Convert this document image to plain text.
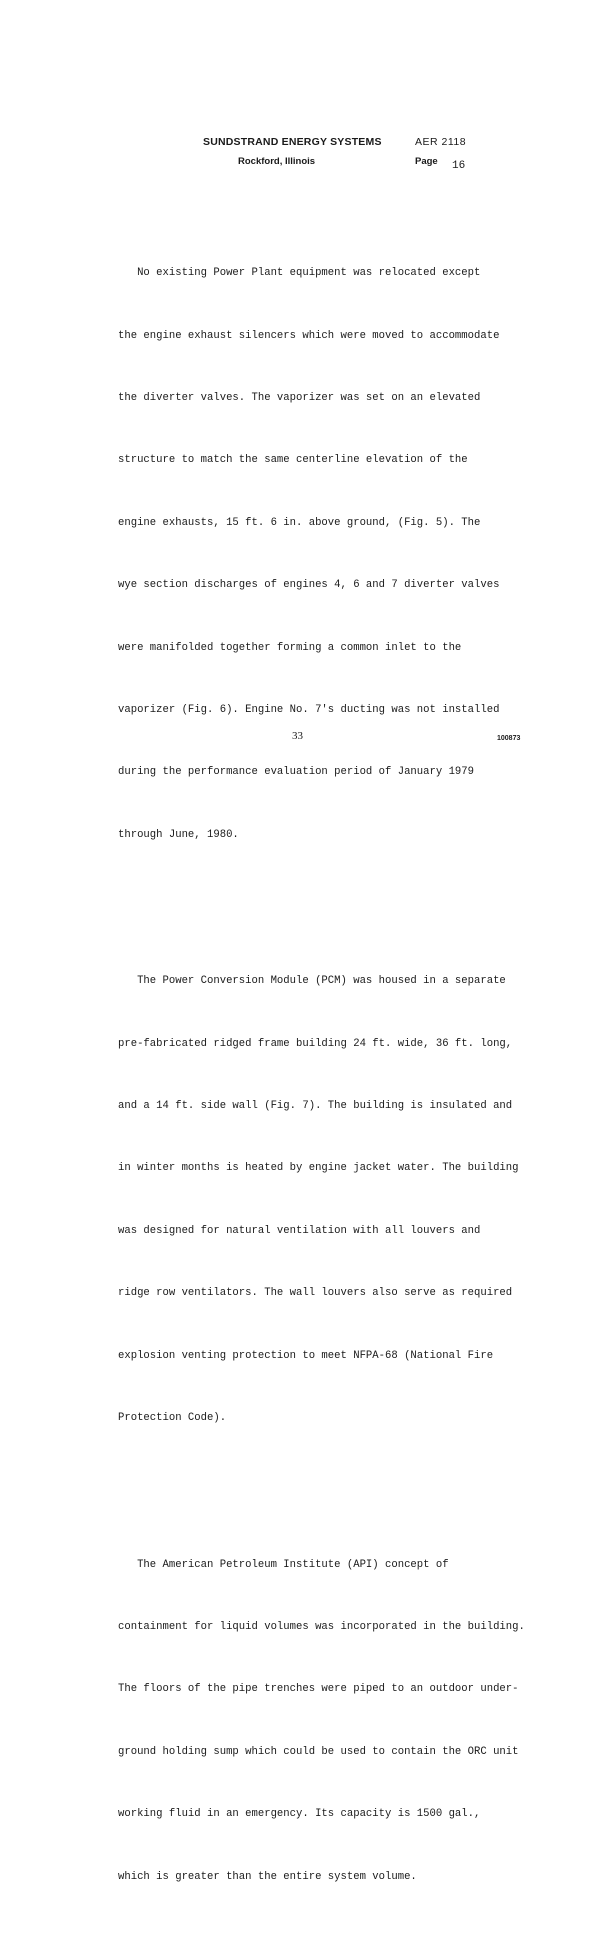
SUNDSTRAND ENERGY SYSTEMS
Rockford, Illinois
AER 2118
Page 16

No existing Power Plant equipment was relocated except

the engine exhaust silencers which were moved to accommodate

the diverter valves. The vaporizer was set on an elevated

structure to match the same centerline elevation of the

engine exhausts, 15 ft. 6 in. above ground, (Fig. 5). The

wye section discharges of engines 4, 6 and 7 diverter valves

were manifolded together forming a common inlet to the

vaporizer (Fig. 6). Engine No. 7's ducting was not installed

during the performance evaluation period of January 1979

through June, 1980.

The Power Conversion Module (PCM) was housed in a separate

pre-fabricated ridged frame building 24 ft. wide, 36 ft. long,

and a 14 ft. side wall (Fig. 7). The building is insulated and

in winter months is heated by engine jacket water. The building

was designed for natural ventilation with all louvers and

ridge row ventilators. The wall louvers also serve as required

explosion venting protection to meet NFPA-68 (National Fire

Protection Code).

The American Petroleum Institute (API) concept of

containment for liquid volumes was incorporated in the building.

The floors of the pipe trenches were piped to an outdoor under-

ground holding sump which could be used to contain the ORC unit

working fluid in an emergency. Its capacity is 1500 gal.,

which is greater than the entire system volume.

33	100873
